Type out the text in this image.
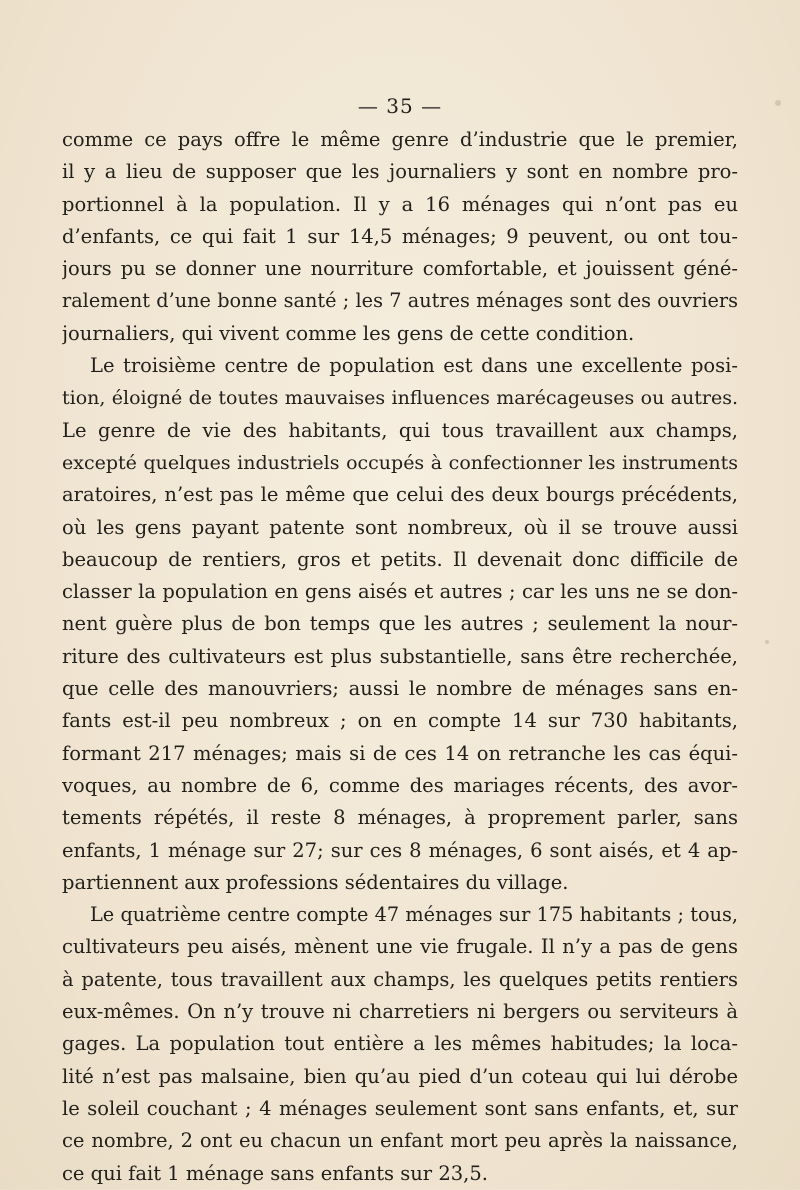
— 35 —
comme ce pays offre le même genre d’industrie que le premier,
il y a lieu de supposer que les journaliers y sont en nombre pro-
portionnel à la population. Il y a 16 ménages qui n’ont pas eu
d’enfants, ce qui fait 1 sur 14,5 ménages; 9 peuvent, ou ont tou-
jours pu se donner une nourriture comfortable, et jouissent géné-
ralement d’une bonne santé ; les 7 autres ménages sont des ouvriers
journaliers, qui vivent comme les gens de cette condition.
Le troisième centre de population est dans une excellente posi-
tion, éloigné de toutes mauvaises influences marécageuses ou autres.
Le genre de vie des habitants, qui tous travaillent aux champs,
excepté quelques industriels occupés à confectionner les instruments
aratoires, n’est pas le même que celui des deux bourgs précédents,
où les gens payant patente sont nombreux, où il se trouve aussi
beaucoup de rentiers, gros et petits. Il devenait donc difficile de
classer la population en gens aisés et autres ; car les uns ne se don-
nent guère plus de bon temps que les autres ; seulement la nour-
riture des cultivateurs est plus substantielle, sans être recherchée,
que celle des manouvriers; aussi le nombre de ménages sans en-
fants est-il peu nombreux ; on en compte 14 sur 730 habitants,
formant 217 ménages; mais si de ces 14 on retranche les cas équi-
voques, au nombre de 6, comme des mariages récents, des avor-
tements répétés, il reste 8 ménages, à proprement parler, sans
enfants, 1 ménage sur 27; sur ces 8 ménages, 6 sont aisés, et 4 ap-
partiennent aux professions sédentaires du village.
Le quatrième centre compte 47 ménages sur 175 habitants ; tous,
cultivateurs peu aisés, mènent une vie frugale. Il n’y a pas de gens
à patente, tous travaillent aux champs, les quelques petits rentiers
eux-mêmes. On n’y trouve ni charretiers ni bergers ou serviteurs à
gages. La population tout entière a les mêmes habitudes; la loca-
lité n’est pas malsaine, bien qu’au pied d’un coteau qui lui dérobe
le soleil couchant ; 4 ménages seulement sont sans enfants, et, sur
ce nombre, 2 ont eu chacun un enfant mort peu après la naissance,
ce qui fait 1 ménage sans enfants sur 23,5.
